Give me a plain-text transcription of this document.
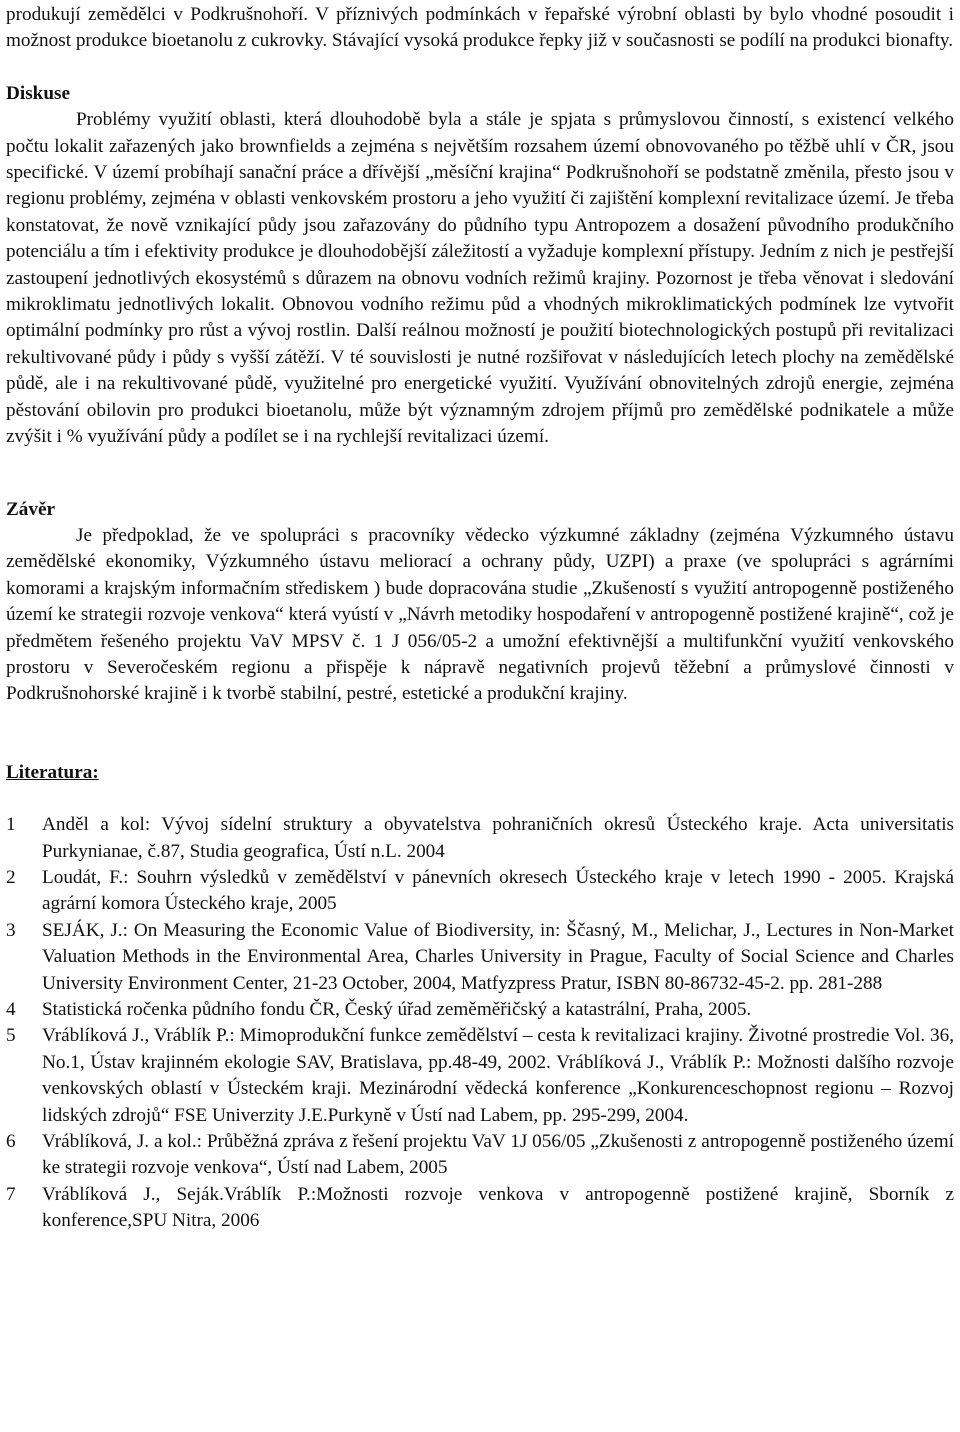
produkují zemědělci v Podkrušnohoří. V příznivých podmínkách v řepařské výrobní oblasti by bylo vhodné posoudit i možnost produkce bioetanolu z cukrovky. Stávající vysoká produkce řepky již v současnosti se podílí na produkci bionafty.

Diskuse

Problémy využití oblasti, která dlouhodobě byla a stále je spjata s průmyslovou činností, s existencí velkého počtu lokalit zařazených jako brownfields a zejména s největším rozsahem území obnovovaného po těžbě uhlí v ČR, jsou specifické. V území probíhají sanační práce a dřívější „měsíční krajina“ Podkrušnohoří se podstatně změnila, přesto jsou v regionu problémy, zejména v oblasti venkovském prostoru a jeho využití či zajištění komplexní revitalizace území. Je třeba konstatovat, že nově vznikající půdy jsou zařazovány do půdního typu Antropozem a dosažení původního produkčního potenciálu a tím i efektivity produkce je dlouhodobější záležitostí a vyžaduje komplexní přístupy. Jedním z nich je pestřejší zastoupení jednotlivých ekosystémů s důrazem na obnovu vodních režimů krajiny. Pozornost je třeba věnovat i sledování mikroklimatu jednotlivých lokalit. Obnovou vodního režimu půd a vhodných mikroklimatických podmínek lze vytvořit optimální podmínky pro růst a vývoj rostlin. Další reálnou možností je použití biotechnologických postupů při revitalizaci rekultivované půdy i půdy s vyšší zátěží. V té souvislosti je nutné rozšiřovat v následujících letech plochy na zemědělské půdě, ale i na rekultivované půdě, využitelné pro energetické využití. Využívání obnovitelných zdrojů energie, zejména pěstování obilovin pro produkci bioetanolu, může být významným zdrojem příjmů pro zemědělské podnikatele a může zvýšit i % využívání půdy a podílet se i na rychlejší revitalizaci území.

Závěr

Je předpoklad, že ve spolupráci s pracovníky vědecko výzkumné základny (zejména Výzkumného ústavu zemědělské ekonomiky, Výzkumného ústavu meliorací a ochrany půdy, UZPI) a praxe (ve spolupráci s agrárními komorami a krajským informačním střediskem ) bude dopracována studie „Zkušeností s využití antropogenně postiženého území ke strategii rozvoje venkova“ která vyústí v „Návrh metodiky hospodaření v antropogenně postižené krajině“, což je předmětem řešeného projektu VaV MPSV č. 1 J 056/05-2 a umožní efektivnější a multifunkční využití venkovského prostoru v Severočeském regionu a přispěje k nápravě negativních projevů těžební a průmyslové činnosti v Podkrušnohorské krajině i k tvorbě stabilní, pestré, estetické a produkční krajiny.

Literatura:

1	Anděl a kol: Vývoj sídelní struktury a obyvatelstva pohraničních okresů Ústeckého kraje. Acta universitatis Purkynianae, č.87, Studia geografica, Ústí n.L. 2004
2	Loudát, F.: Souhrn výsledků v zemědělství v pánevních okresech Ústeckého kraje v letech 1990 - 2005. Krajská agrární komora Ústeckého kraje, 2005
3	SEJÁK, J.: On Measuring the Economic Value of Biodiversity, in: Ščasný, M., Melichar, J., Lectures in Non-Market Valuation Methods in the Environmental Area, Charles University in Prague, Faculty of Social Science and Charles University Environment Center, 21-23 October, 2004, Matfyzpress Pratur, ISBN 80-86732-45-2. pp. 281-288
4	Statistická ročenka půdního fondu ČR, Český úřad zeměměřičský a katastrální, Praha, 2005.
5	Vráblíková J., Vráblík P.: Mimoprodukční funkce zemědělství – cesta k revitalizaci krajiny. Životné prostredie Vol. 36, No.1, Ústav krajinném ekologie SAV, Bratislava, pp.48-49, 2002. Vráblíková J., Vráblík P.: Možnosti dalšího rozvoje venkovských oblastí v Ústeckém kraji. Mezinárodní vědecká konference „Konkurenceschopnost regionu – Rozvoj lidských zdrojů“ FSE Univerzity J.E.Purkyně v Ústí nad Labem, pp. 295-299, 2004.
6	Vráblíková, J. a kol.: Průběžná zpráva z řešení projektu VaV 1J 056/05 „Zkušenosti z antropogenně postiženého území ke strategii rozvoje venkova“, Ústí nad Labem, 2005
7	Vráblíková J., Seják.Vráblík P.:Možnosti rozvoje venkova v antropogenně postižené krajině, Sborník z konference,SPU Nitra, 2006
